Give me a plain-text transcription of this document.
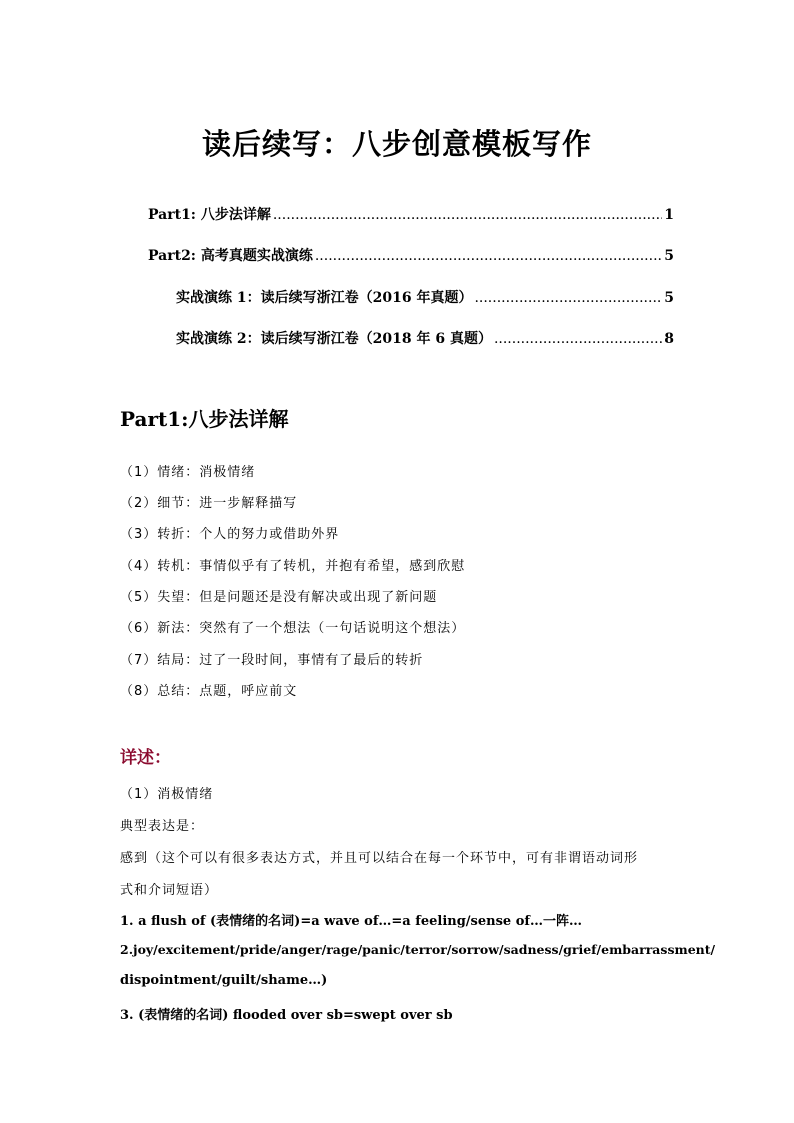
读后续写：八步创意模板写作
Part1: 八步法详解 .....	1
Part2: 高考真题实战演练 .....	5
实战演练 1：读后续写浙江卷（2016 年真题） .....	5
实战演练 2：读后续写浙江卷（2018 年 6 真题） .....	8
Part1:八步法详解
（1）情绪：消极情绪
（2）细节：进一步解释描写
（3）转折：个人的努力或借助外界
（4）转机：事情似乎有了转机，并抱有希望，感到欣慰
（5）失望：但是问题还是没有解决或出现了新问题
（6）新法：突然有了一个想法（一句话说明这个想法）
（7）结局：过了一段时间，事情有了最后的转折
（8）总结：点题，呼应前文
详述：
（1）消极情绪
典型表达是：
感到（这个可以有很多表达方式，并且可以结合在每一个环节中，可有非谓语动词形
式和介词短语）
1. a flush of (表情绪的名词)=a wave of…=a feeling/sense of…一阵…
2.joy/excitement/pride/anger/rage/panic/terror/sorrow/sadness/grief/embarrassment/
dispointment/guilt/shame…)
3. (表情绪的名词) flooded over sb=swept over sb
